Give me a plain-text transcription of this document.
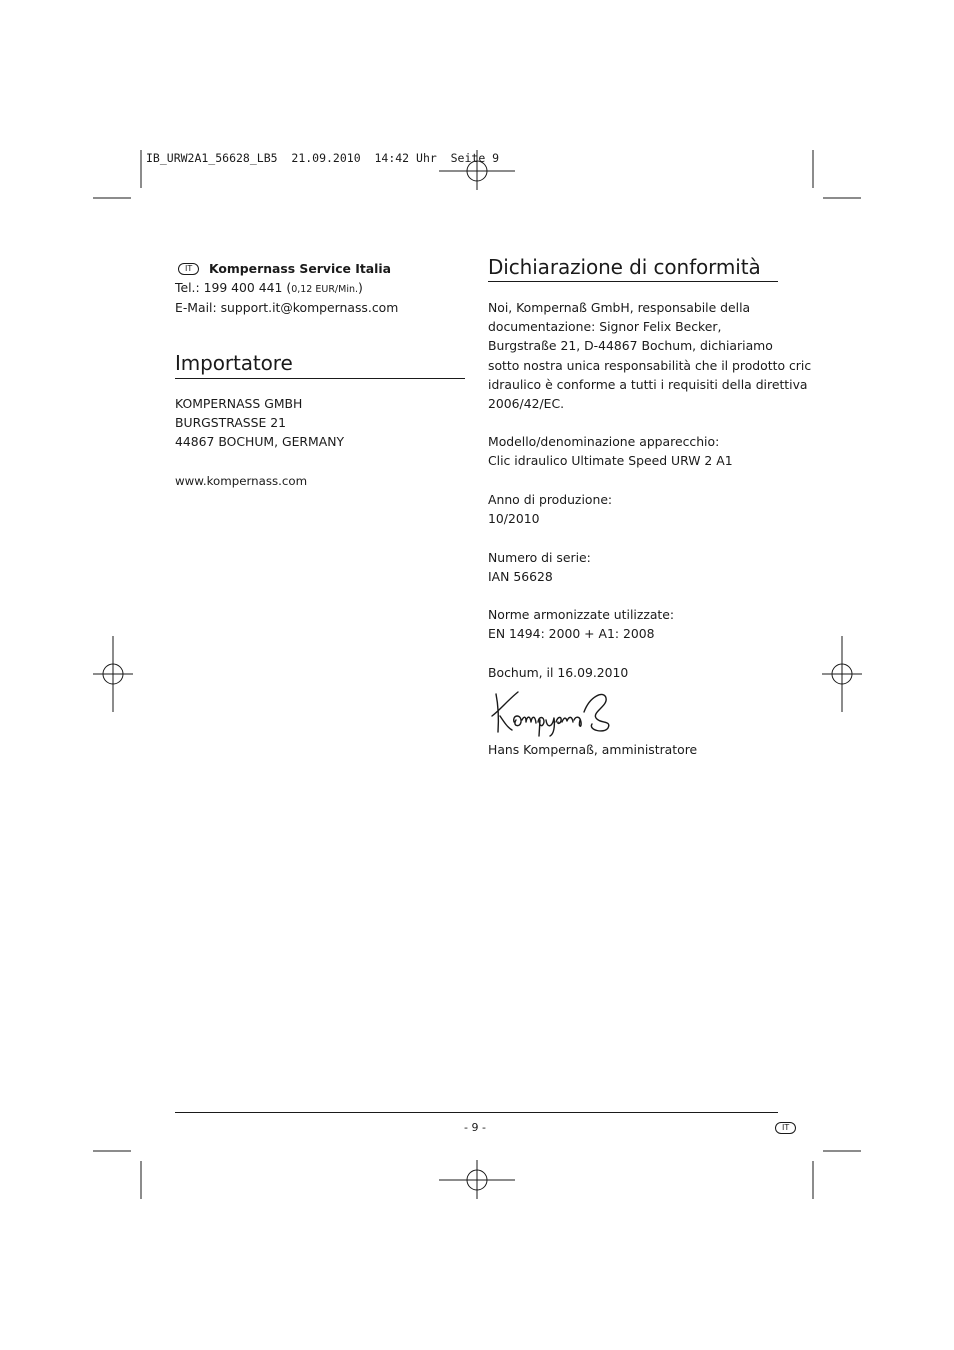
IB_URW2A1_56628_LB5  21.09.2010  14:42 Uhr  Seite 9
IT	Kompernass Service Italia
Tel.: 199 400 441 (0,12 EUR/Min.)
E-Mail: support.it@kompernass.com
Importatore
KOMPERNASS GMBH
BURGSTRASSE 21
44867 BOCHUM, GERMANY
www.kompernass.com
Dichiarazione di conformità
Noi, Kompernaß GmbH, responsabile della
documentazione: Signor Felix Becker,
Burgstraße 21, D-44867 Bochum, dichiariamo
sotto nostra unica responsabilità che il prodotto cric
idraulico è conforme a tutti i requisiti della direttiva
2006/42/EC.
Modello/denominazione apparecchio:
Clic idraulico Ultimate Speed URW 2 A1
Anno di produzione:
10/2010
Numero di serie:
IAN 56628
Norme armonizzate utilizzate:
EN 1494: 2000 + A1: 2008
Bochum, il 16.09.2010
Hans Kompernaß, amministratore
- 9 -	IT
